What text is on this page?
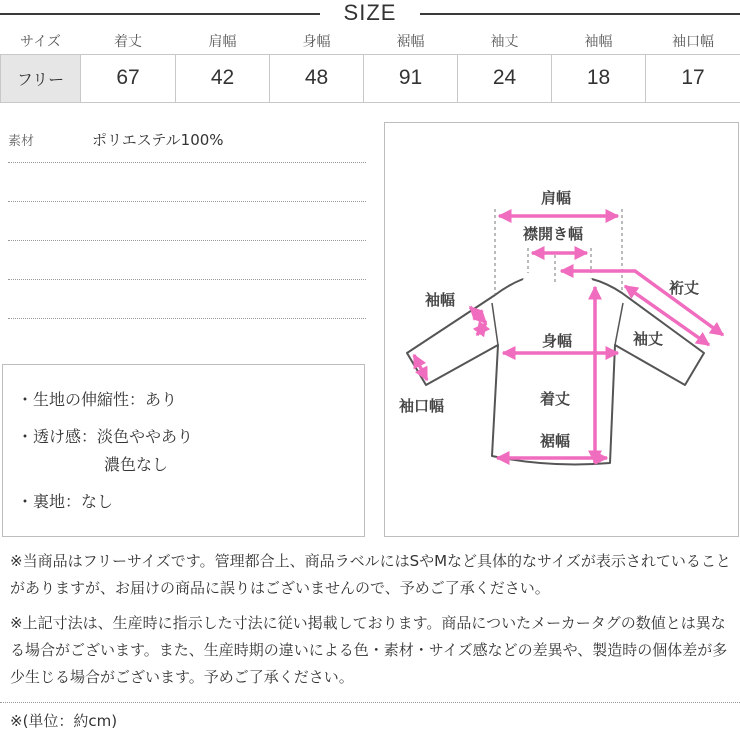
SIZE
サイズ	着丈	肩幅	身幅	裾幅	袖丈	袖幅	袖口幅
フリー	67	42	48	91	24	18	17
素材	ポリエステル100%
・生地の伸縮性：あり
・透け感：淡色ややあり
濃色なし
・裏地：なし
肩幅
襟開き幅
裄丈
袖幅
袖丈
身幅
袖口幅	着丈
裾幅
※当商品はフリーサイズです。管理都合上、商品ラベルにはSやMなど具体的なサイズが表示されていることがありますが、お届けの商品に誤りはございませんので、予めご了承ください。
※上記寸法は、生産時に指示した寸法に従い掲載しております。商品についたメーカータグの数値とは異なる場合がございます。また、生産時期の違いによる色・素材・サイズ感などの差異や、製造時の個体差が多少生じる場合がございます。予めご了承ください。
※(単位：約cm)
